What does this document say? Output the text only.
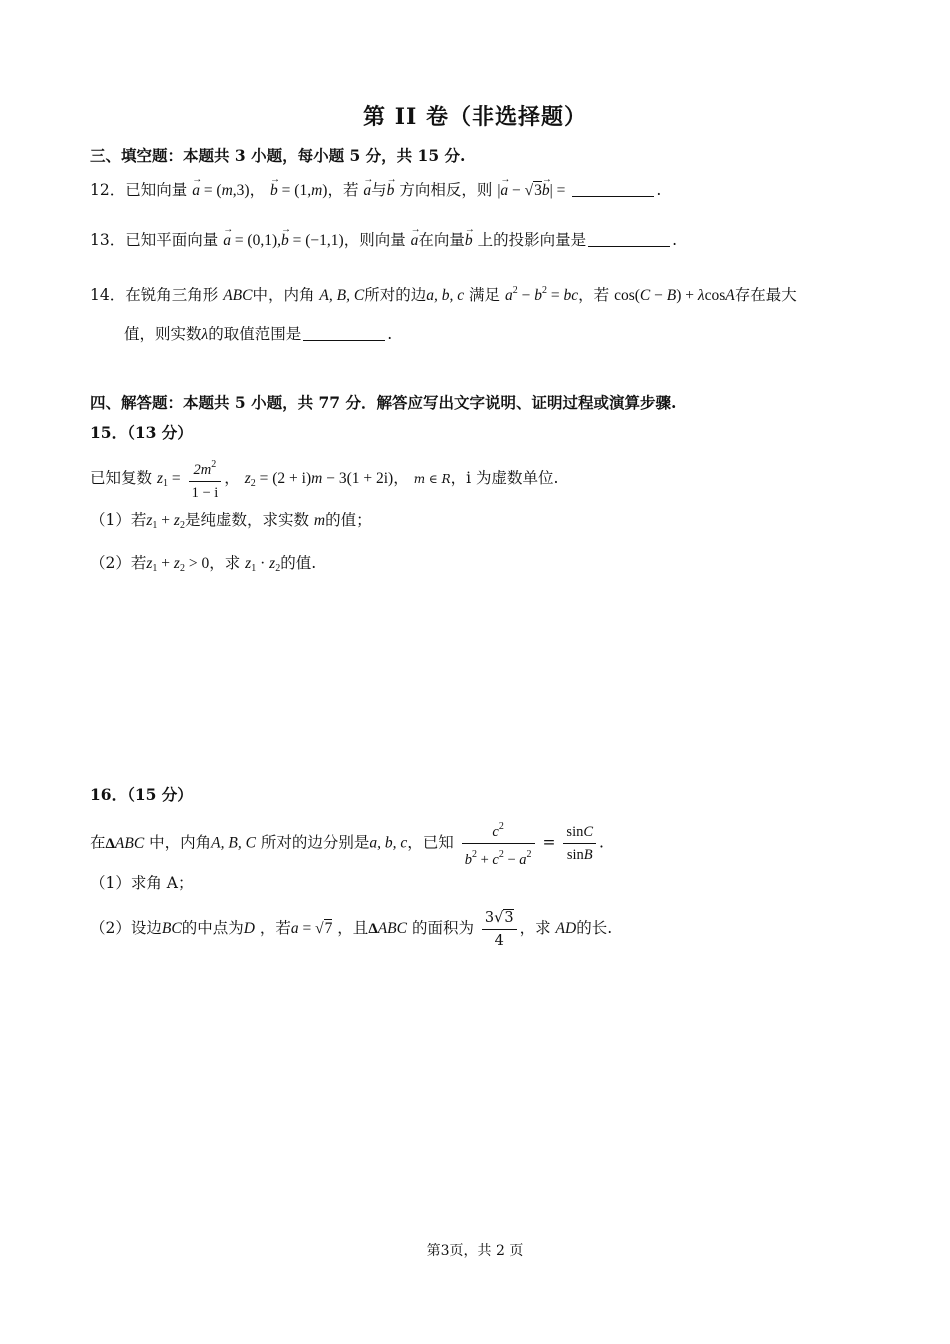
第 II 卷（非选择题）
三、填空题：本题共 3 小题，每小题 5 分，共 15 分.
12．已知向量 → a = (m,3)， → b = (1,m)，若 → a与→ b 方向相反，则 |→ a − √3→ b| =	.
13．已知平面向量 → a = (0,1),→ b = (−1,1)，则向量 → a在向量→ b 上的投影向量是	.
14．在锐角三角形 ABC中，内角 A, B, C所对的边a, b, c 满足 $a^2 - b^2$ = bc，若 cos(C − B) + λcosA存在最大
值，则实数λ的取值范围是	.
四、解答题：本题共 5 小题，共 77 分．解答应写出文字说明、证明过程或演算步骤.
15．（13 分）
已知复数 $z_1 = \frac{2m^2}{1 - i}$ ， $z_2 = (2 + i)m - 3(1 + 2i)$， m ∈ R，i 为虚数单位.
（1）若$z_1 + z_2$是纯虚数，求实数 m的值；
（2）若$z_1 + z_2 > 0$，求 $z_1 \cdot z_2$的值.
16．（15 分）
在ΔABC 中，内角A, B, C 所对的边分别是a, b, c，已知 $\frac{c^2}{b^2 + c^2 - a^2} = \frac{\sin C}{\sin B}$ .
（1）求角 A；
（2）设边BC的中点为D ，若a = √7 ，且ΔABC 的面积为 $\frac{3√3}{4}$ ，求 AD的长.
第3页，共 2 页
